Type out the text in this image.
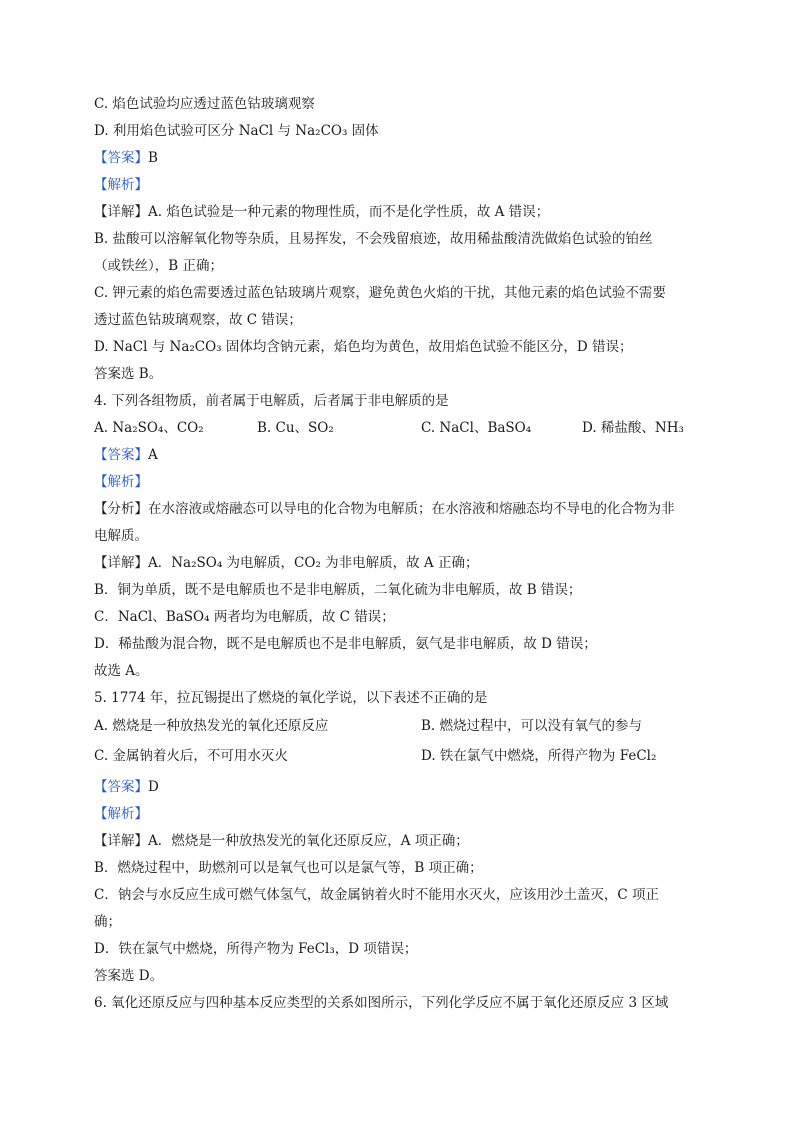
C. 焰色试验均应透过蓝色钴玻璃观察
D. 利用焰色试验可区分 NaCl 与 Na₂CO₃ 固体
【答案】B
【解析】
【详解】A. 焰色试验是一种元素的物理性质，而不是化学性质，故 A 错误；
B. 盐酸可以溶解氧化物等杂质，且易挥发，不会残留痕迹，故用稀盐酸清洗做焰色试验的铂丝
（或铁丝），B 正确；
C. 钾元素的焰色需要透过蓝色钴玻璃片观察，避免黄色火焰的干扰，其他元素的焰色试验不需要
透过蓝色钴玻璃观察，故 C 错误；
D. NaCl 与 Na₂CO₃ 固体均含钠元素，焰色均为黄色，故用焰色试验不能区分，D 错误；
答案选 B。
4. 下列各组物质，前者属于电解质，后者属于非电解质的是
A. Na₂SO₄、CO₂	B. Cu、SO₂	C. NaCl、BaSO₄	D. 稀盐酸、NH₃
【答案】A
【解析】
【分析】在水溶液或熔融态可以导电的化合物为电解质；在水溶液和熔融态均不导电的化合物为非
电解质。
【详解】A．Na₂SO₄ 为电解质，CO₂ 为非电解质，故 A 正确；
B．铜为单质，既不是电解质也不是非电解质，二氧化硫为非电解质，故 B 错误；
C．NaCl、BaSO₄ 两者均为电解质，故 C 错误；
D．稀盐酸为混合物，既不是电解质也不是非电解质，氨气是非电解质，故 D 错误；
故选 A。
5. 1774 年，拉瓦锡提出了燃烧的氧化学说，以下表述不正确的是
A. 燃烧是一种放热发光的氧化还原反应	B. 燃烧过程中，可以没有氧气的参与
C. 金属钠着火后，不可用水灭火	D. 铁在氯气中燃烧，所得产物为 FeCl₂
【答案】D
【解析】
【详解】A．燃烧是一种放热发光的氧化还原反应，A 项正确；
B．燃烧过程中，助燃剂可以是氧气也可以是氯气等，B 项正确；
C．钠会与水反应生成可燃气体氢气，故金属钠着火时不能用水灭火，应该用沙土盖灭，C 项正
确；
D．铁在氯气中燃烧，所得产物为 FeCl₃，D 项错误；
答案选 D。
6. 氧化还原反应与四种基本反应类型的关系如图所示，下列化学反应不属于氧化还原反应 3 区域
